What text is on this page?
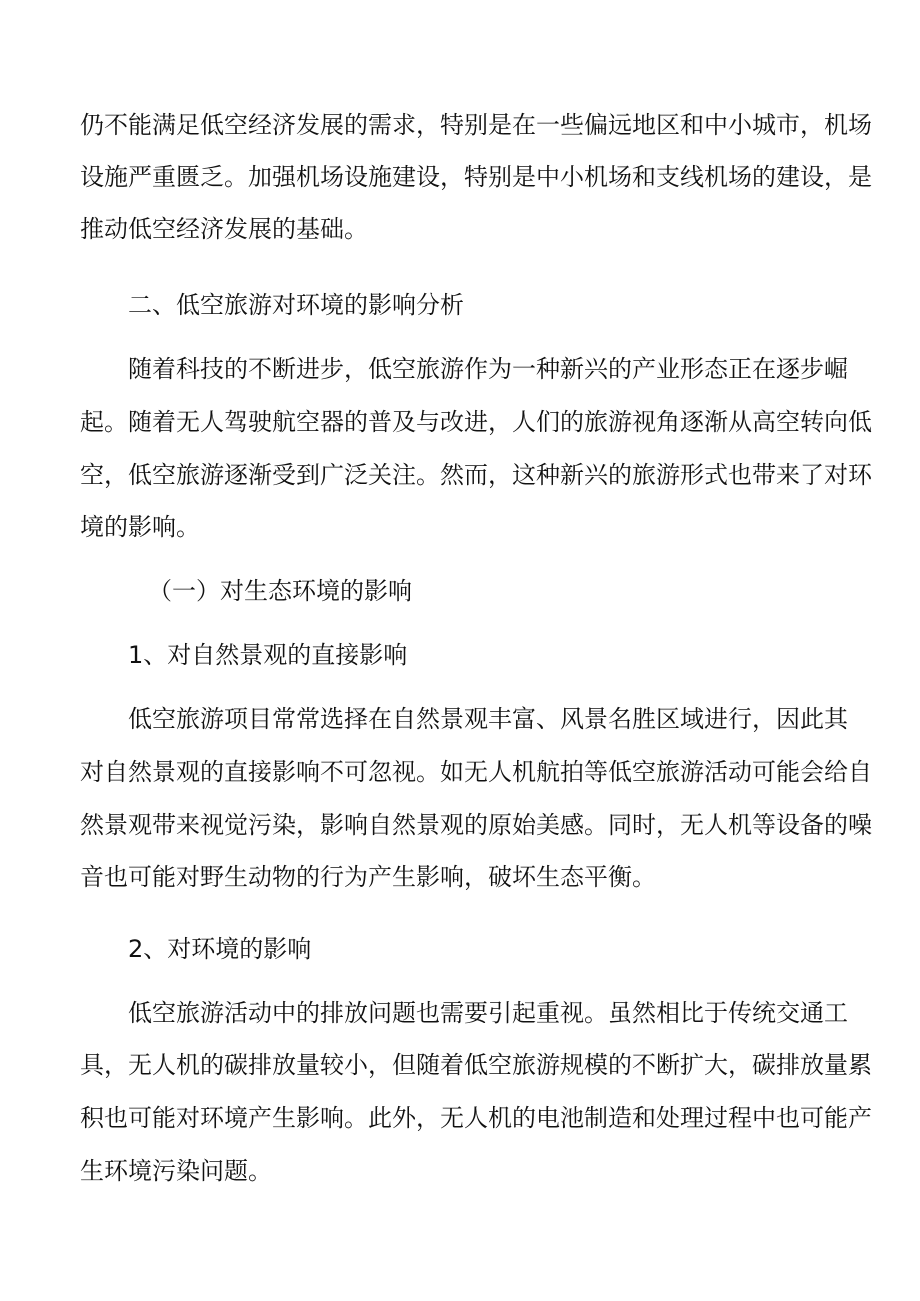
仍不能满足低空经济发展的需求，特别是在一些偏远地区和中小城市，机场
设施严重匮乏。加强机场设施建设，特别是中小机场和支线机场的建设，是
推动低空经济发展的基础。
二、低空旅游对环境的影响分析
随着科技的不断进步，低空旅游作为一种新兴的产业形态正在逐步崛
起。随着无人驾驶航空器的普及与改进，人们的旅游视角逐渐从高空转向低
空，低空旅游逐渐受到广泛关注。然而，这种新兴的旅游形式也带来了对环
境的影响。
（一）对生态环境的影响
1、对自然景观的直接影响
低空旅游项目常常选择在自然景观丰富、风景名胜区域进行，因此其
对自然景观的直接影响不可忽视。如无人机航拍等低空旅游活动可能会给自
然景观带来视觉污染，影响自然景观的原始美感。同时，无人机等设备的噪
音也可能对野生动物的行为产生影响，破坏生态平衡。
2、对环境的影响
低空旅游活动中的排放问题也需要引起重视。虽然相比于传统交通工
具，无人机的碳排放量较小，但随着低空旅游规模的不断扩大，碳排放量累
积也可能对环境产生影响。此外，无人机的电池制造和处理过程中也可能产
生环境污染问题。
